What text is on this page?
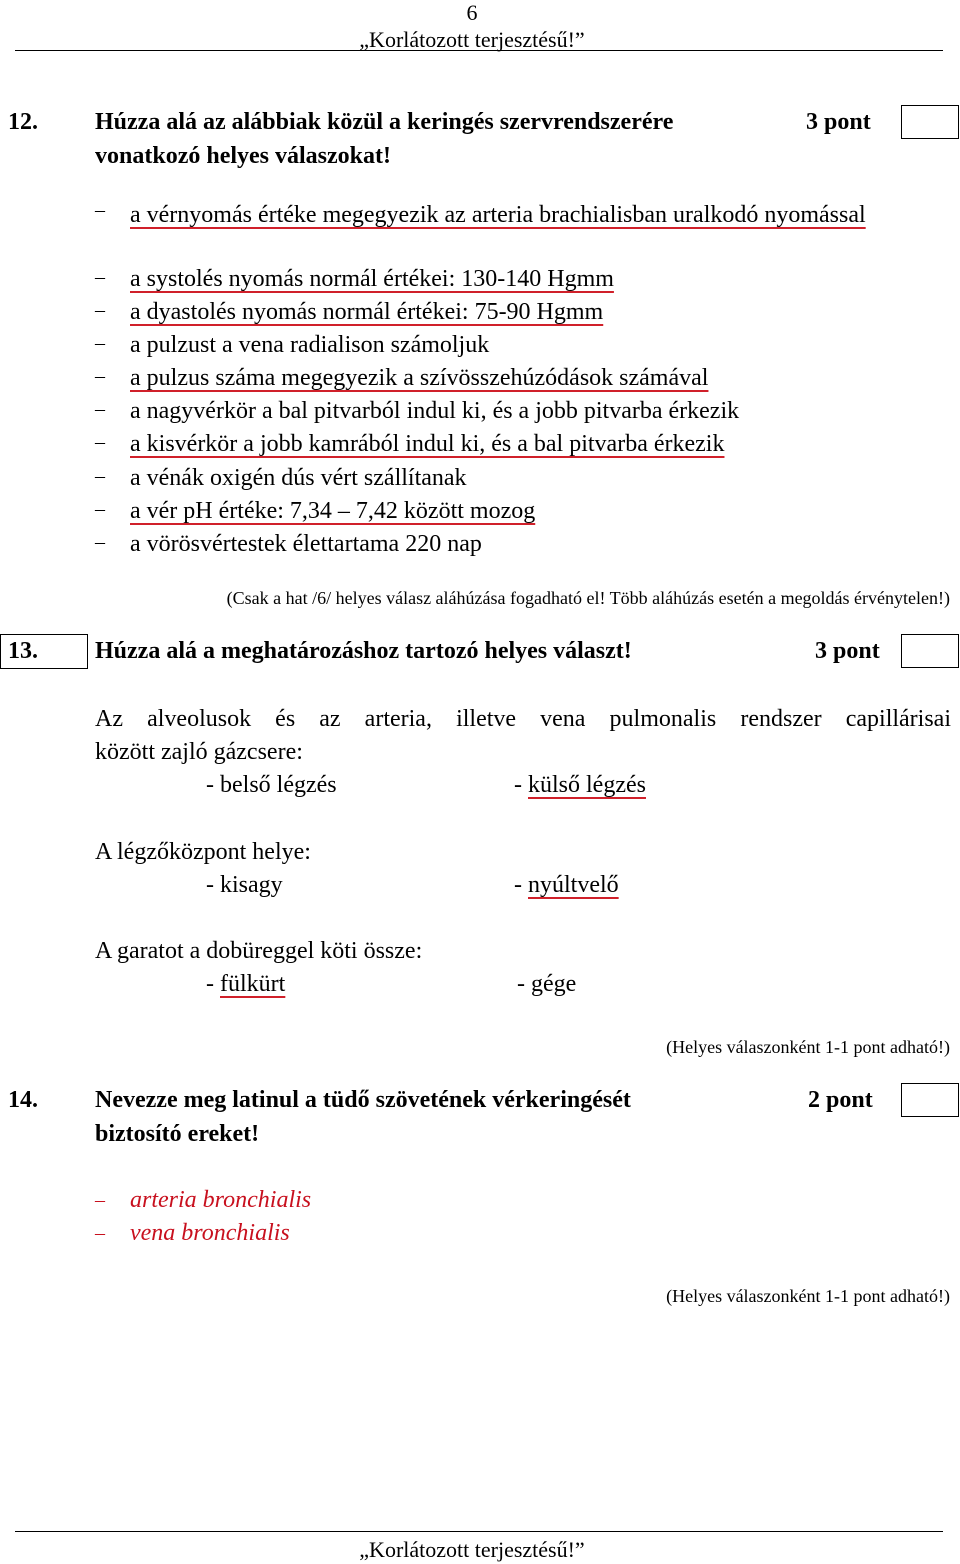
6
„Korlátozott terjesztésű!”
12. Húzza alá az alábbiak közül a keringés szervrendszerére
vonatkozó helyes válaszokat!
3 pont
– a vérnyomás értéke megegyezik az arteria brachialisban uralkodó nyomással
– a systolés nyomás normál értékei: 130-140 Hgmm
– a dyastolés nyomás normál értékei: 75-90 Hgmm
– a pulzust a vena radialison számoljuk
– a pulzus száma megegyezik a szívösszehúzódások számával
– a nagyvérkör a bal pitvarból indul ki, és a jobb pitvarba érkezik
– a kisvérkör a jobb kamrából indul ki, és a bal pitvarba érkezik
– a vénák oxigén dús vért szállítanak
– a vér pH értéke: 7,34 – 7,42 között mozog
– a vörösvértestek élettartama 220 nap
(Csak a hat /6/ helyes válasz aláhúzása fogadható el! Több aláhúzás esetén a megoldás érvénytelen!)
13. Húzza alá a meghatározáshoz tartozó helyes választ!	3 pont
Az alveolusok és az arteria, illetve vena pulmonalis rendszer capillárisai
között zajló gázcsere:
- belső légzés	- külső légzés
A légzőközpont helye:
- kisagy	- nyúltvelő
A garatot a dobüreggel köti össze:
- fülkürt	- gége
(Helyes válaszonként 1-1 pont adható!)
14. Nevezze meg latinul a tüdő szövetének vérkeringését
biztosító ereket!
2 pont
– arteria bronchialis
– vena bronchialis
(Helyes válaszonként 1-1 pont adható!)
„Korlátozott terjesztésű!”
